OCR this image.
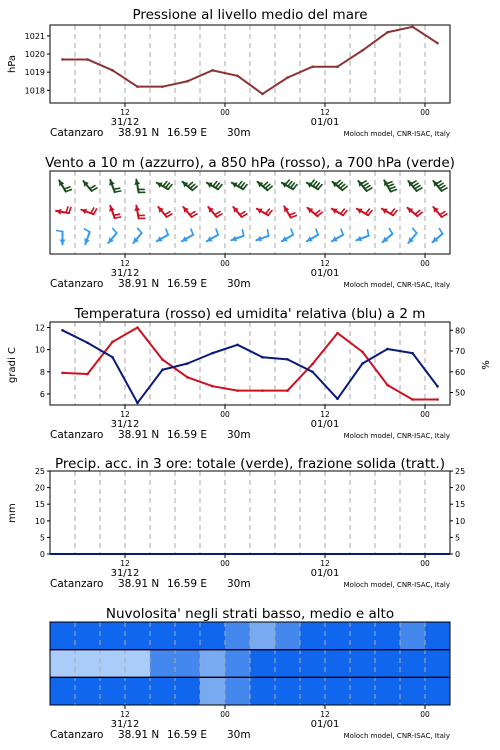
Pressione al livello medio del mare
1018
1019
1020
1021
hPa
12	00	12	00
31/12	01/01
Catanzaro 38.91 N 16.59 E 30m	Moloch model, CNR-ISAC, Italy
Vento a 10 m (azzurro), a 850 hPa (rosso), a 700 hPa (verde)
12	00	12	00
31/12	01/01
Catanzaro 38.91 N 16.59 E 30m	Moloch model, CNR-ISAC, Italy
Temperatura (rosso) ed umidita' relativa (blu) a 2 m
6
8
10
12
50
60
70
80
gradi C	%
12	00	12	00
31/12	01/01
Catanzaro 38.91 N 16.59 E 30m	Moloch model, CNR-ISAC, Italy
Precip. acc. in 3 ore: totale (verde), frazione solida (tratt.)
0
5
10
15
20
25
0
5
10
15
20
25
mm
12	00	12	00
31/12	01/01
Catanzaro 38.91 N 16.59 E 30m	Moloch model, CNR-ISAC, Italy
Nuvolosita' negli strati basso, medio e alto
12	00	12	00
31/12	01/01
Catanzaro 38.91 N 16.59 E 30m	Moloch model, CNR-ISAC, Italy
